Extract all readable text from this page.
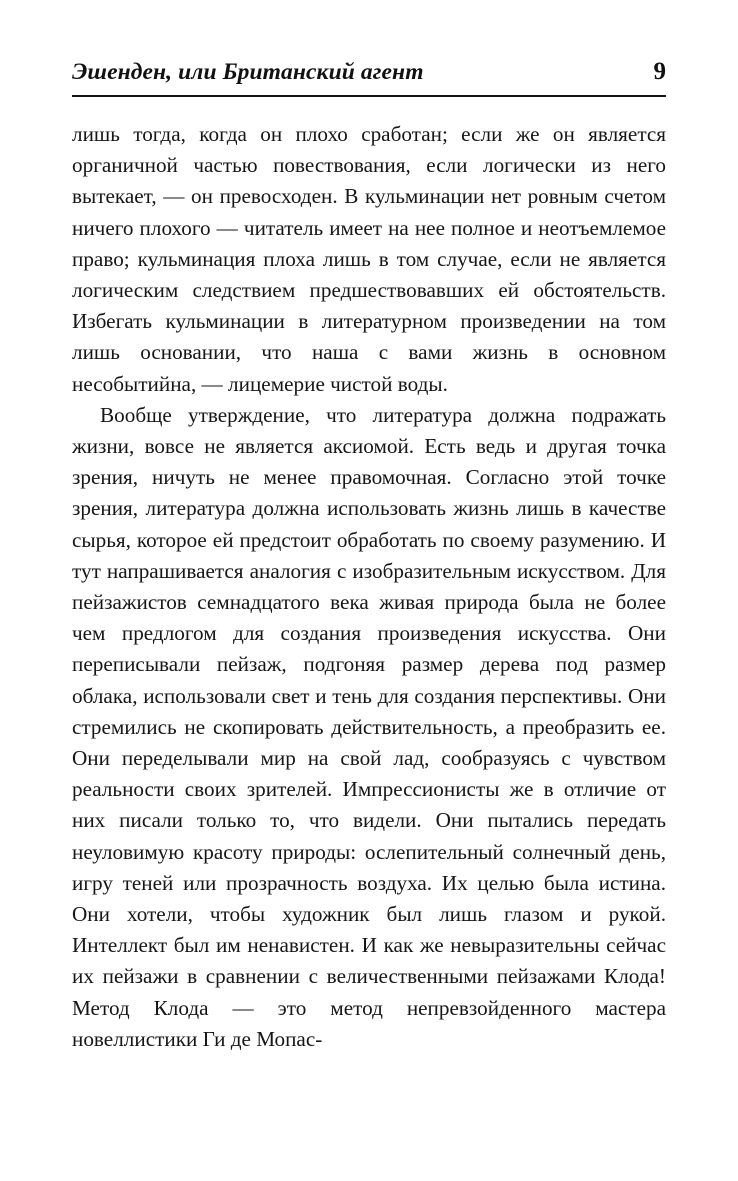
Эшенден, или Британский агент	9

лишь тогда, когда он плохо сработан; если же он является органичной частью повествования, если логически из него вытекает, — он превосходен. В кульминации нет ровным счетом ничего плохого — читатель имеет на нее полное и неотъемлемое право; кульминация плоха лишь в том случае, если не является логическим следствием предшествовавших ей обстоятельств. Избегать кульминации в литературном произведении на том лишь основании, что наша с вами жизнь в основном несобытийна, — лицемерие чистой воды.

Вообще утверждение, что литература должна подражать жизни, вовсе не является аксиомой. Есть ведь и другая точка зрения, ничуть не менее правомочная. Согласно этой точке зрения, литература должна использовать жизнь лишь в качестве сырья, которое ей предстоит обработать по своему разумению. И тут напрашивается аналогия с изобразительным искусством. Для пейзажистов семнадцатого века живая природа была не более чем предлогом для создания произведения искусства. Они переписывали пейзаж, подгоняя размер дерева под размер облака, использовали свет и тень для создания перспективы. Они стремились не скопировать действительность, а преобразить ее. Они переделывали мир на свой лад, сообразуясь с чувством реальности своих зрителей. Импрессионисты же в отличие от них писали только то, что видели. Они пытались передать неуловимую красоту природы: ослепительный солнечный день, игру теней или прозрачность воздуха. Их целью была истина. Они хотели, чтобы художник был лишь глазом и рукой. Интеллект был им ненавистен. И как же невыразительны сейчас их пейзажи в сравнении с величественными пейзажами Клода! Метод Клода — это метод непревзойденного мастера новеллистики Ги де Мопас-
